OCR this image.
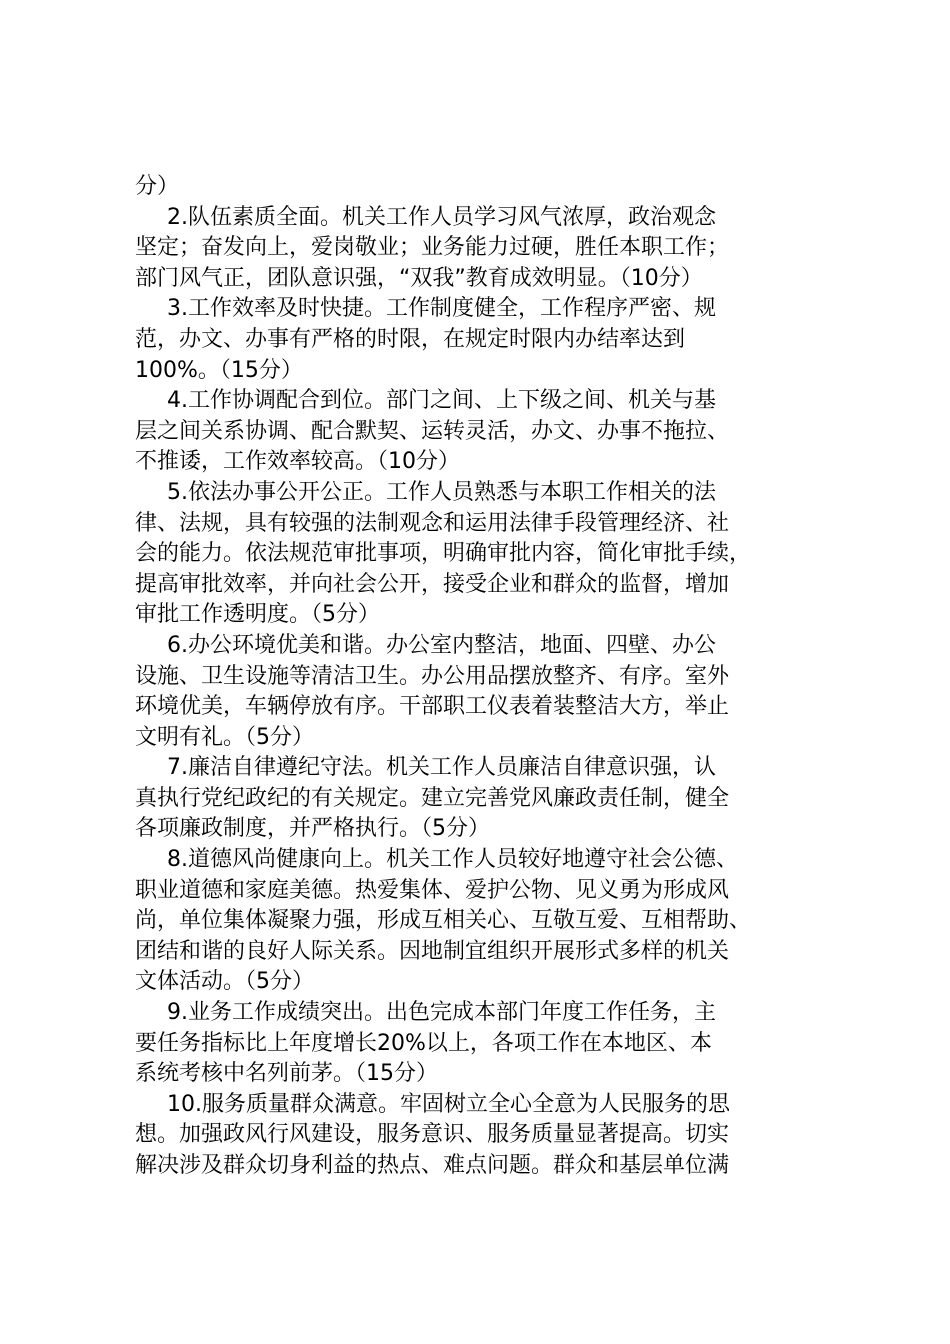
分）
2.队伍素质全面。机关工作人员学习风气浓厚，政治观念
坚定；奋发向上，爱岗敬业；业务能力过硬，胜任本职工作；
部门风气正，团队意识强，“双我”教育成效明显。（10分）
3.工作效率及时快捷。工作制度健全，工作程序严密、规
范，办文、办事有严格的时限，在规定时限内办结率达到
100%。（15分）
4.工作协调配合到位。部门之间、上下级之间、机关与基
层之间关系协调、配合默契、运转灵活，办文、办事不拖拉、
不推诿，工作效率较高。（10分）
5.依法办事公开公正。工作人员熟悉与本职工作相关的法
律、法规，具有较强的法制观念和运用法律手段管理经济、社
会的能力。依法规范审批事项，明确审批内容，简化审批手续，
提高审批效率，并向社会公开，接受企业和群众的监督，增加
审批工作透明度。（5分）
6.办公环境优美和谐。办公室内整洁，地面、四壁、办公
设施、卫生设施等清洁卫生。办公用品摆放整齐、有序。室外
环境优美，车辆停放有序。干部职工仪表着装整洁大方，举止
文明有礼。（5分）
7.廉洁自律遵纪守法。机关工作人员廉洁自律意识强，认
真执行党纪政纪的有关规定。建立完善党风廉政责任制，健全
各项廉政制度，并严格执行。（5分）
8.道德风尚健康向上。机关工作人员较好地遵守社会公德、
职业道德和家庭美德。热爱集体、爱护公物、见义勇为形成风
尚，单位集体凝聚力强，形成互相关心、互敬互爱、互相帮助、
团结和谐的良好人际关系。因地制宜组织开展形式多样的机关
文体活动。（5分）
9.业务工作成绩突出。出色完成本部门年度工作任务，主
要任务指标比上年度增长20%以上，各项工作在本地区、本
系统考核中名列前茅。（15分）
10.服务质量群众满意。牢固树立全心全意为人民服务的思
想。加强政风行风建设，服务意识、服务质量显著提高。切实
解决涉及群众切身利益的热点、难点问题。群众和基层单位满
